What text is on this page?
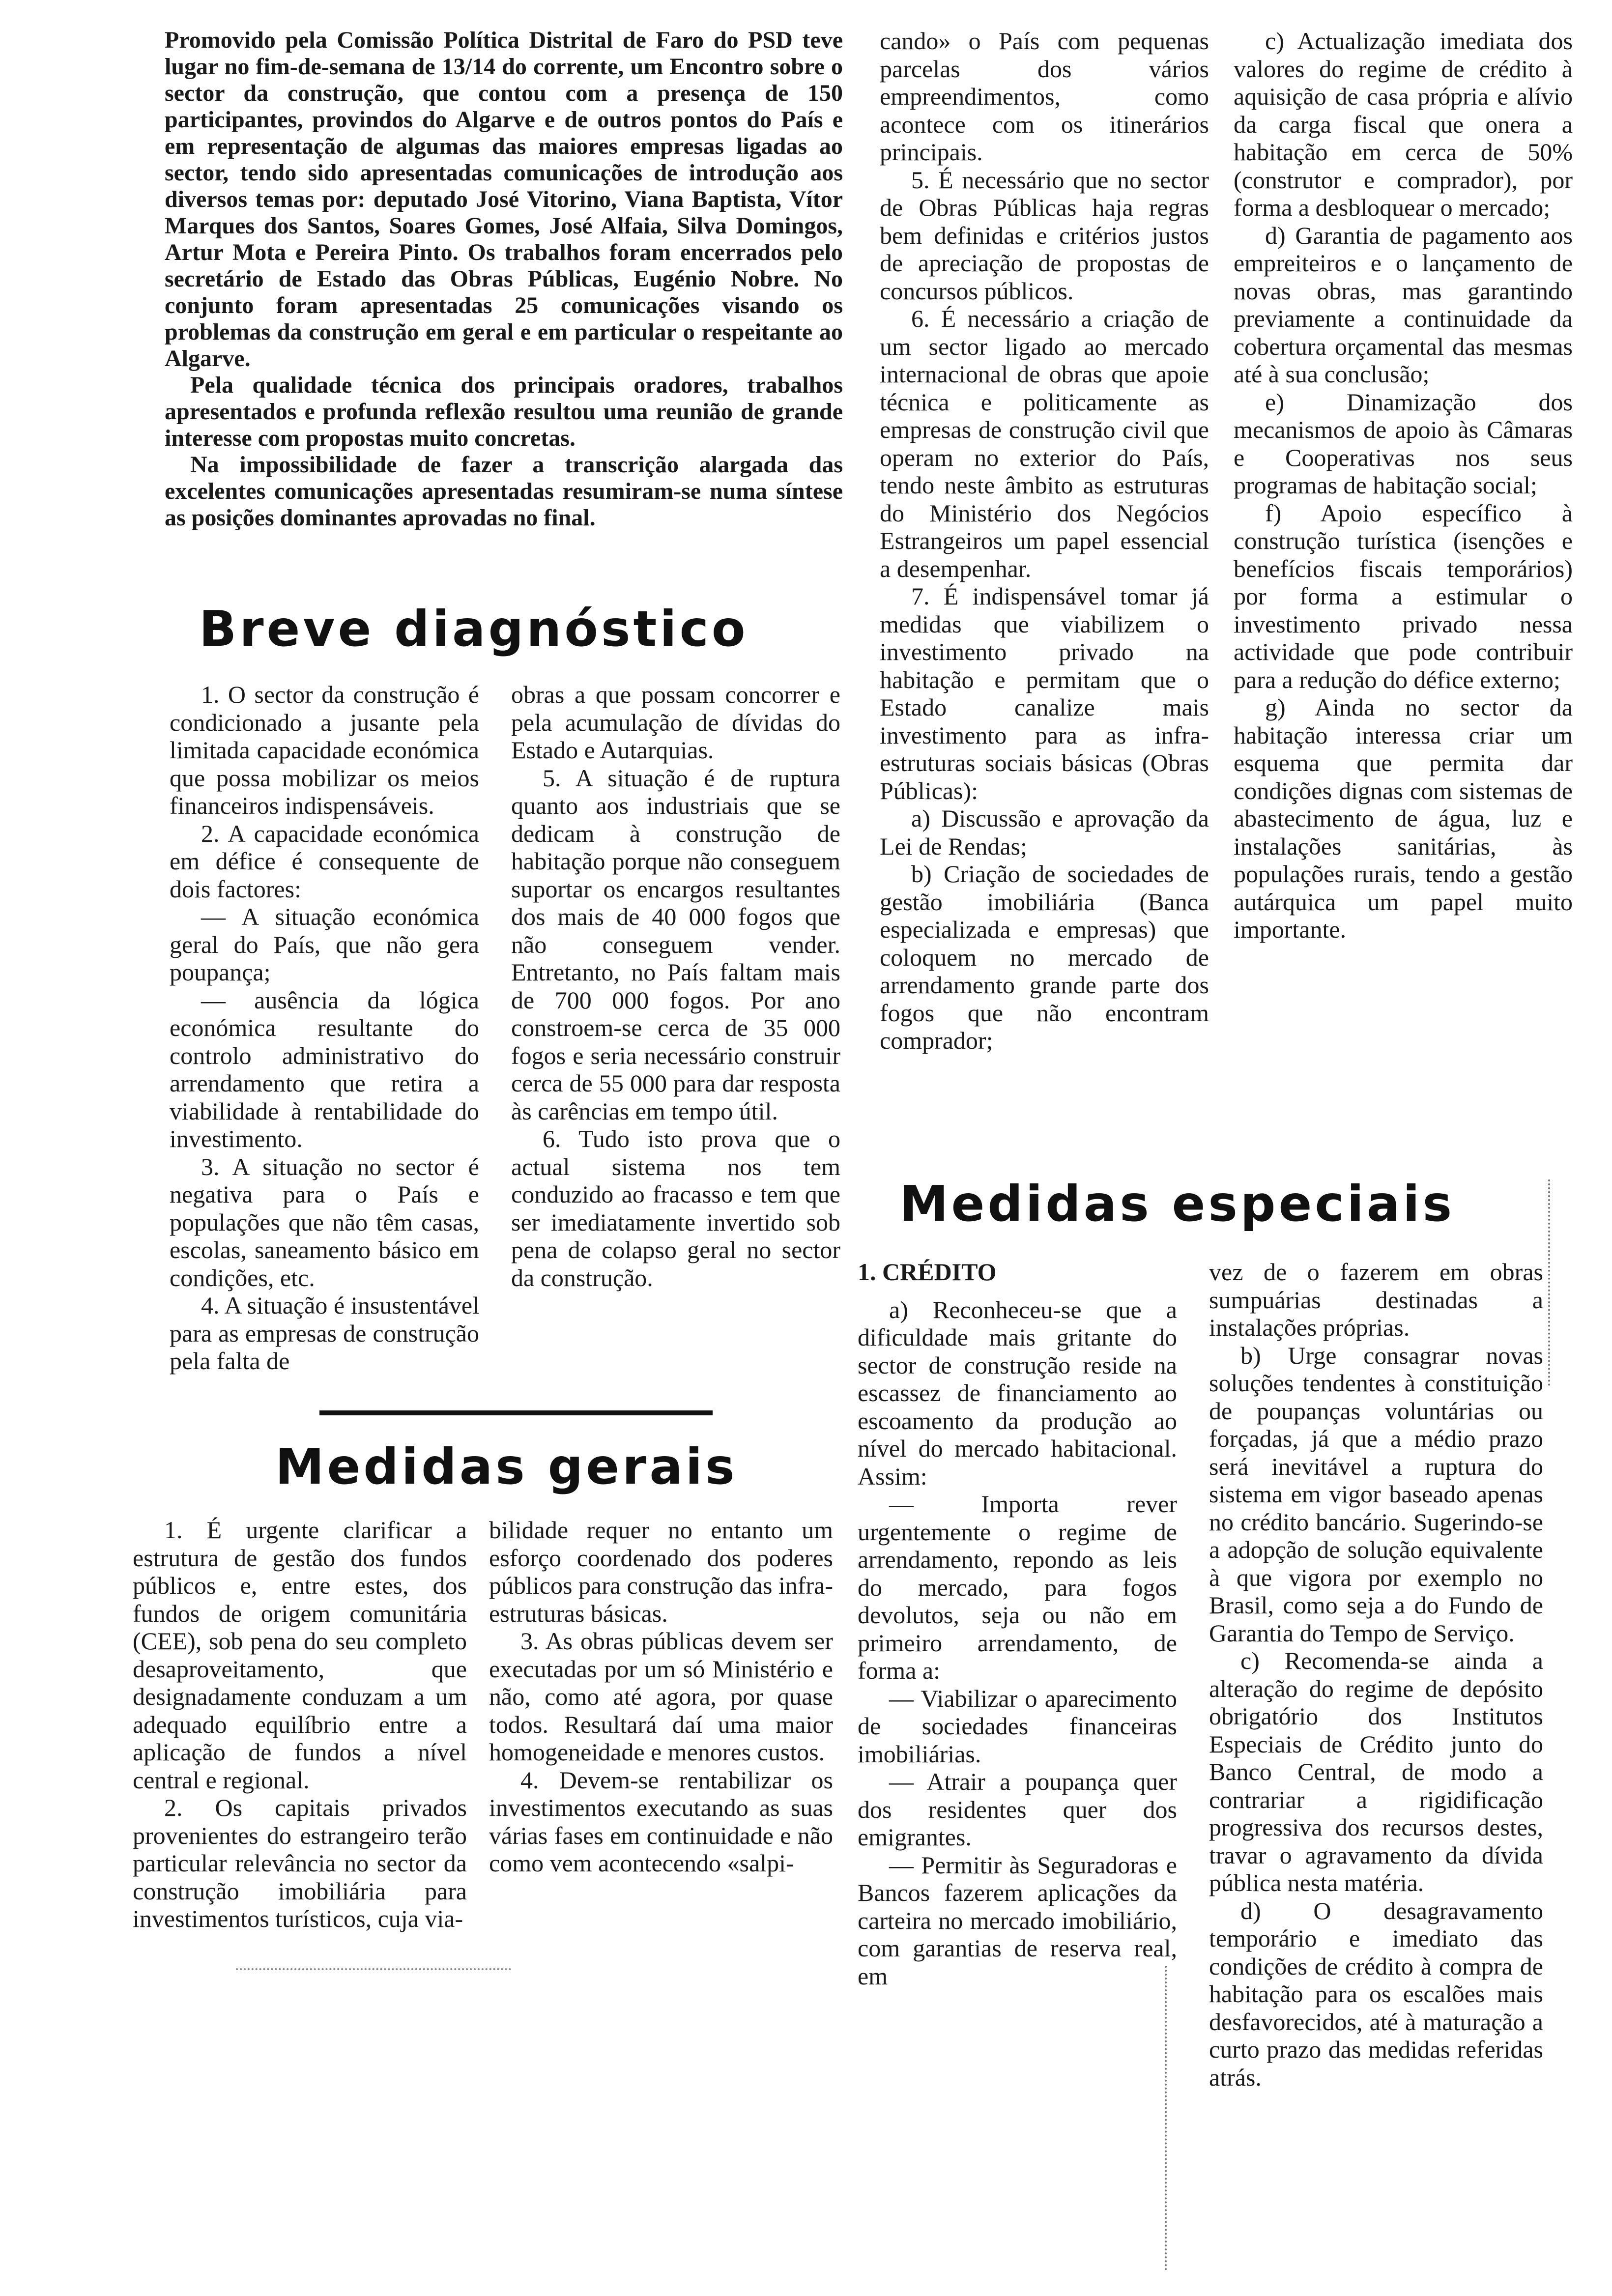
Promovido pela Comissão Política Distrital de Faro do PSD teve lugar no fim-de-semana de 13/14 do corrente, um Encontro sobre o sector da construção, que contou com a presença de 150 participantes, provindos do Algarve e de outros pontos do País e em representação de algumas das maiores empresas ligadas ao sector, tendo sido apresentadas comunicações de introdução aos diversos temas por: deputado José Vitorino, Viana Baptista, Vítor Marques dos Santos, Soares Gomes, José Alfaia, Silva Domingos, Artur Mota e Pereira Pinto. Os trabalhos foram encerrados pelo secretário de Estado das Obras Públicas, Eugénio Nobre. No conjunto foram apresentadas 25 comunicações visando os problemas da construção em geral e em particular o respeitante ao Algarve.

Pela qualidade técnica dos principais oradores, trabalhos apresentados e profunda reflexão resultou uma reunião de grande interesse com propostas muito concretas.

Na impossibilidade de fazer a transcrição alargada das excelentes comunicações apresentadas resumiram-se numa síntese as posições dominantes aprovadas no final.

Breve diagnóstico

1. O sector da construção é condicionado a jusante pela limitada capacidade económica que possa mobilizar os meios financeiros indispensáveis.

2. A capacidade económica em défice é consequente de dois factores:

— A situação económica geral do País, que não gera poupança;

— ausência da lógica económica resultante do controlo administrativo do arrendamento que retira a viabilidade à rentabilidade do investimento.

3. A situação no sector é negativa para o País e populações que não têm casas, escolas, saneamento básico em condições, etc.

4. A situação é insustentável para as empresas de construção pela falta de

obras a que possam concorrer e pela acumulação de dívidas do Estado e Autarquias.

5. A situação é de ruptura quanto aos industriais que se dedicam à construção de habitação porque não conseguem suportar os encargos resultantes dos mais de 40 000 fogos que não conseguem vender. Entretanto, no País faltam mais de 700 000 fogos. Por ano constroem-se cerca de 35 000 fogos e seria necessário construir cerca de 55 000 para dar resposta às carências em tempo útil.

6. Tudo isto prova que o actual sistema nos tem conduzido ao fracasso e tem que ser imediatamente invertido sob pena de colapso geral no sector da construção.

Medidas gerais

1. É urgente clarificar a estrutura de gestão dos fundos públicos e, entre estes, dos fundos de origem comunitária (CEE), sob pena do seu completo desaproveitamento, que designadamente conduzam a um adequado equilíbrio entre a aplicação de fundos a nível central e regional.

2. Os capitais privados provenientes do estrangeiro terão particular relevância no sector da construção imobiliária para investimentos turísticos, cuja via-

bilidade requer no entanto um esforço coordenado dos poderes públicos para construção das infra-estruturas básicas.

3. As obras públicas devem ser executadas por um só Ministério e não, como até agora, por quase todos. Resultará daí uma maior homogeneidade e menores custos.

4. Devem-se rentabilizar os investimentos executando as suas várias fases em continuidade e não como vem acontecendo «salpi-

cando» o País com pequenas parcelas dos vários empreendimentos, como acontece com os itinerários principais.

5. É necessário que no sector de Obras Públicas haja regras bem definidas e critérios justos de apreciação de propostas de concursos públicos.

6. É necessário a criação de um sector ligado ao mercado internacional de obras que apoie técnica e politicamente as empresas de construção civil que operam no exterior do País, tendo neste âmbito as estruturas do Ministério dos Negócios Estrangeiros um papel essencial a desempenhar.

7. É indispensável tomar já medidas que viabilizem o investimento privado na habitação e permitam que o Estado canalize mais investimento para as infra-estruturas sociais básicas (Obras Públicas):

a) Discussão e aprovação da Lei de Rendas;

b) Criação de sociedades de gestão imobiliária (Banca especializada e empresas) que coloquem no mercado de arrendamento grande parte dos fogos que não encontram comprador;

c) Actualização imediata dos valores do regime de crédito à aquisição de casa própria e alívio da carga fiscal que onera a habitação em cerca de 50% (construtor e comprador), por forma a desbloquear o mercado;

d) Garantia de pagamento aos empreiteiros e o lançamento de novas obras, mas garantindo previamente a continuidade da cobertura orçamental das mesmas até à sua conclusão;

e) Dinamização dos mecanismos de apoio às Câmaras e Cooperativas nos seus programas de habitação social;

f) Apoio específico à construção turística (isenções e benefícios fiscais temporários) por forma a estimular o investimento privado nessa actividade que pode contribuir para a redução do défice externo;

g) Ainda no sector da habitação interessa criar um esquema que permita dar condições dignas com sistemas de abastecimento de água, luz e instalações sanitárias, às populações rurais, tendo a gestão autárquica um papel muito importante.

Medidas especiais

1. CRÉDITO

a) Reconheceu-se que a dificuldade mais gritante do sector de construção reside na escassez de financiamento ao escoamento da produção ao nível do mercado habitacional. Assim:

— Importa rever urgentemente o regime de arrendamento, repondo as leis do mercado, para fogos devolutos, seja ou não em primeiro arrendamento, de forma a:

— Viabilizar o aparecimento de sociedades financeiras imobiliárias.

— Atrair a poupança quer dos residentes quer dos emigrantes.

— Permitir às Seguradoras e Bancos fazerem aplicações da carteira no mercado imobiliário, com garantias de reserva real, em

vez de o fazerem em obras sumpuárias destinadas a instalações próprias.

b) Urge consagrar novas soluções tendentes à constituição de poupanças voluntárias ou forçadas, já que a médio prazo será inevitável a ruptura do sistema em vigor baseado apenas no crédito bancário. Sugerindo-se a adopção de solução equivalente à que vigora por exemplo no Brasil, como seja a do Fundo de Garantia do Tempo de Serviço.

c) Recomenda-se ainda a alteração do regime de depósito obrigatório dos Institutos Especiais de Crédito junto do Banco Central, de modo a contrariar a rigidificação progressiva dos recursos destes, travar o agravamento da dívida pública nesta matéria.

d) O desagravamento temporário e imediato das condições de crédito à compra de habitação para os escalões mais desfavorecidos, até à maturação a curto prazo das medidas referidas atrás.
